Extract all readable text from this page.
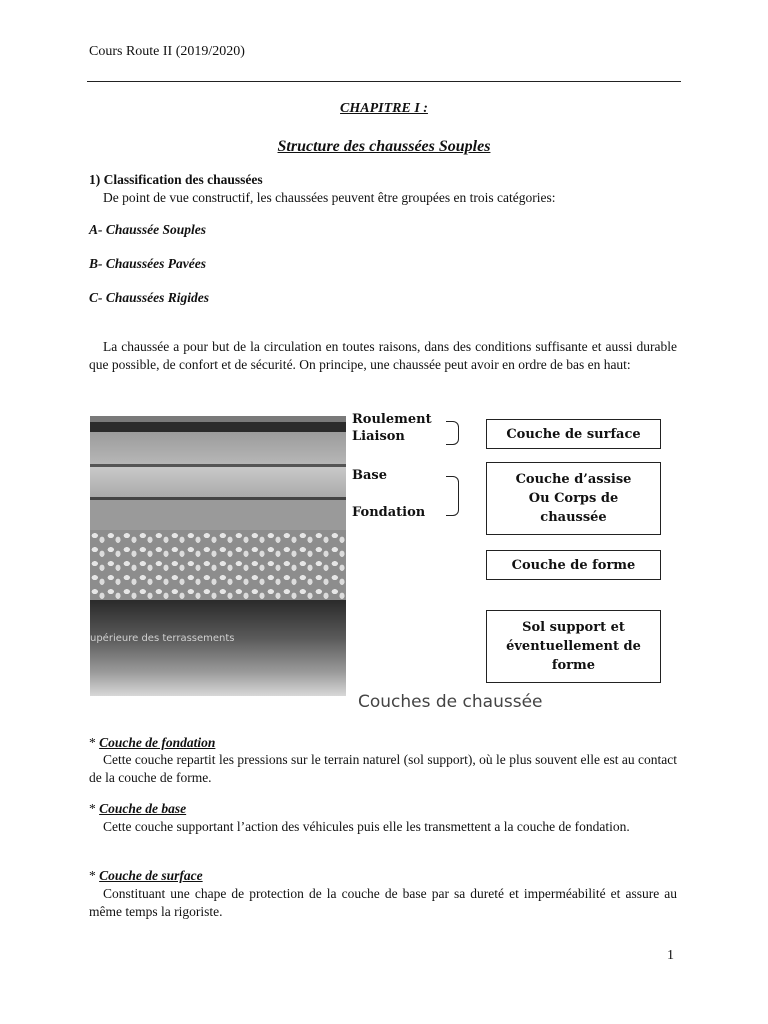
Cours Route II (2019/2020)
CHAPITRE I :
Structure des chaussées Souples
1) Classification des chaussées
De point de vue constructif, les chaussées peuvent être groupées en trois catégories:
A- Chaussée Souples
B- Chaussées Pavées
C- Chaussées Rigides
La chaussée a pour but de la circulation en toutes raisons, dans des conditions suffisante et aussi durable que possible, de confort et de sécurité. On principe, une chaussée peut avoir en ordre de bas en haut:
upérieure des terrassements
Roulement
Liaison
Base
Fondation
Couche de surface
Couche d’assise
Ou Corps de
chaussée
Couche de forme
Sol support et
éventuellement de
forme
Couches de chaussée
* Couche de fondation
Cette couche repartit les pressions sur le terrain naturel (sol support), où le plus souvent elle est au contact de la couche de forme.
* Couche de base
Cette couche supportant l’action des véhicules puis elle les transmettent a la couche de fondation.
* Couche de surface
Constituant une chape de protection de la couche de base par sa dureté et imperméabilité et assure au même temps la rigoriste.
1
